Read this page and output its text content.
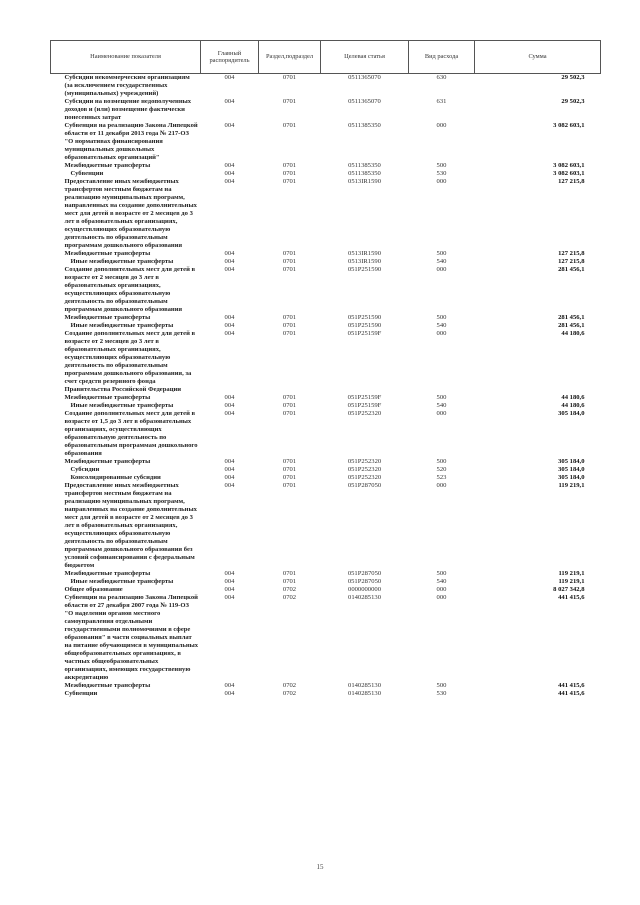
Наименование показателя	Главный распорядитель	Раздел,подраздел	Целевая статья	Вид расхода	Сумма
Субсидии некоммерческим организациям (за исключением государственных (муниципальных) учреждений)	004	0701	0511365070	630	29 502,3
Субсидии на возмещение недополученных доходов и (или) возмещение фактически понесенных затрат	004	0701	0511365070	631	29 502,3
Субвенция на реализацию Закона Липецкой области от 11 декабря 2013 года № 217-ОЗ "О нормативах финансирования муниципальных дошкольных образовательных организаций"	004	0701	0511385350	000	3 082 603,1
Межбюджетные трансферты	004	0701	0511385350	500	3 082 603,1
Субвенции	004	0701	0511385350	530	3 082 603,1
Предоставление иных межбюджетных трансфертов местным бюджетам на реализацию муниципальных программ, направленных на создание дополнительных мест для детей в возрасте от 2 месяцев до 3 лет в образовательных организациях, осуществляющих образовательную деятельность по образовательным программам дошкольного образования	004	0701	0513IR1590	000	127 215,8
Межбюджетные трансферты	004	0701	0513IR1590	500	127 215,8
Иные межбюджетные трансферты	004	0701	0513IR1590	540	127 215,8
Создание дополнительных мест для детей в возрасте от 2 месяцев до 3 лет в образовательных организациях, осуществляющих образовательную деятельность по образовательным программам дошкольного образования	004	0701	051P251590	000	281 456,1
Межбюджетные трансферты	004	0701	051P251590	500	281 456,1
Иные межбюджетные трансферты	004	0701	051P251590	540	281 456,1
Создание дополнительных мест для детей в возрасте от 2 месяцев до 3 лет в образовательных организациях, осуществляющих образовательную деятельность по образовательным программам дошкольного образования, за счет средств резервного фонда Правительства Российской Федерации	004	0701	051P25159F	000	44 180,6
Межбюджетные трансферты	004	0701	051P25159F	500	44 180,6
Иные межбюджетные трансферты	004	0701	051P25159F	540	44 180,6
Создание дополнительных мест для детей в возрасте от 1,5 до 3 лет в образовательных организациях, осуществляющих образовательную деятельность по образовательным программам дошкольного образования	004	0701	051P252320	000	305 184,0
Межбюджетные трансферты	004	0701	051P252320	500	305 184,0
Субсидии	004	0701	051P252320	520	305 184,0
Консолидированные субсидии	004	0701	051P252320	523	305 184,0
Предоставление иных межбюджетных трансфертов местным бюджетам на реализацию муниципальных программ, направленных на создание дополнительных мест для детей в возрасте от 2 месяцев до 3 лет в образовательных организациях, осуществляющих образовательную деятельность по образовательным программам дошкольного образования без условий софинансирования с федеральным бюджетом	004	0701	051P287050	000	119 219,1
Межбюджетные трансферты	004	0701	051P287050	500	119 219,1
Иные межбюджетные трансферты	004	0701	051P287050	540	119 219,1
Общее образование	004	0702	0000000000	000	8 027 342,8
Субвенции на реализацию Закона Липецкой области от 27 декабря 2007 года № 119-ОЗ "О наделении органов местного самоуправления отдельными государственными полномочиями в сфере образования" в части социальных выплат на питание обучающимся в муниципальных общеобразовательных организациях, в частных общеобразовательных организациях, имеющих государственную аккредитацию	004	0702	0140285130	000	441 415,6
Межбюджетные трансферты	004	0702	0140285130	500	441 415,6
Субвенции	004	0702	0140285130	530	441 415,6
15
